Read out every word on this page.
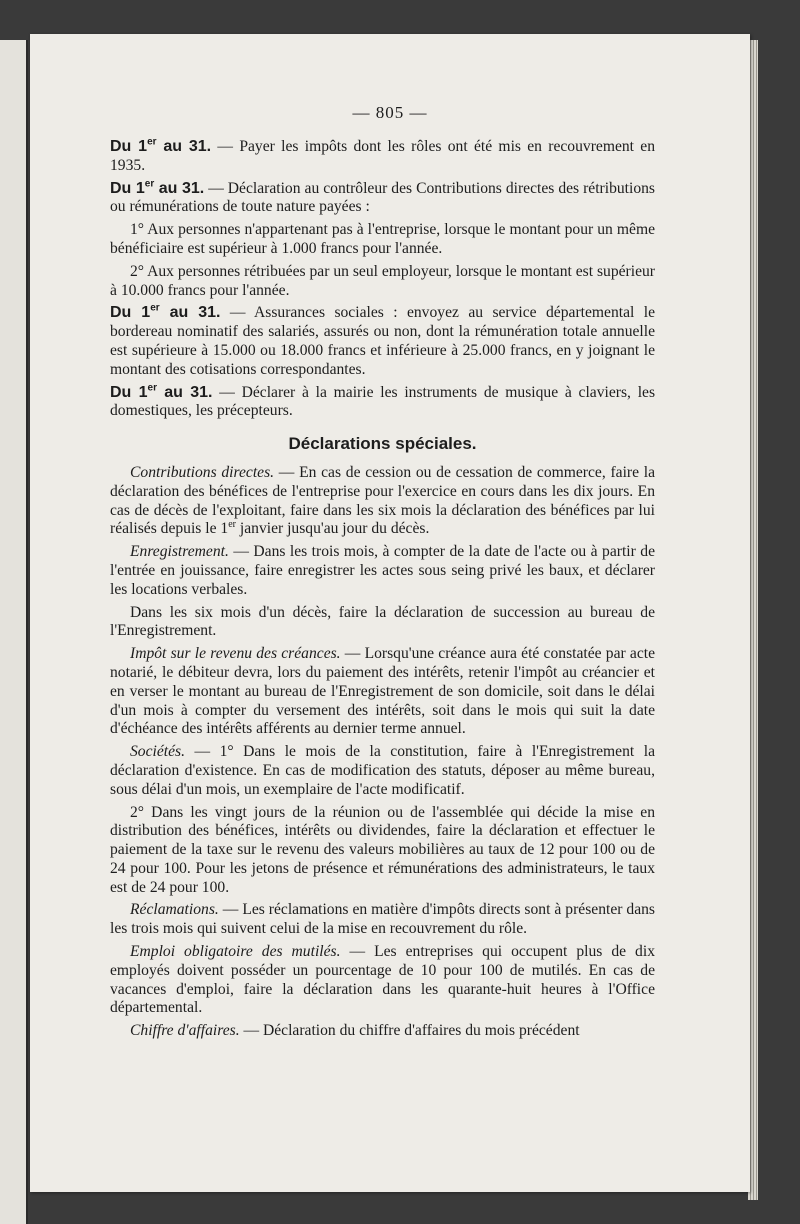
— 805 —

Du 1er au 31. — Payer les impôts dont les rôles ont été mis en recouvrement en 1935.

Du 1er au 31. — Déclaration au contrôleur des Contributions directes des rétributions ou rémunérations de toute nature payées :

1° Aux personnes n'appartenant pas à l'entreprise, lorsque le montant pour un même bénéficiaire est supérieur à 1.000 francs pour l'année.

2° Aux personnes rétribuées par un seul employeur, lorsque le montant est supérieur à 10.000 francs pour l'année.

Du 1er au 31. — Assurances sociales : envoyez au service départemental le bordereau nominatif des salariés, assurés ou non, dont la rémunération totale annuelle est supérieure à 15.000 ou 18.000 francs et inférieure à 25.000 francs, en y joignant le montant des cotisations correspondantes.

Du 1er au 31. — Déclarer à la mairie les instruments de musique à claviers, les domestiques, les précepteurs.

Déclarations spéciales.

Contributions directes. — En cas de cession ou de cessation de commerce, faire la déclaration des bénéfices de l'entreprise pour l'exercice en cours dans les dix jours. En cas de décès de l'exploitant, faire dans les six mois la déclaration des bénéfices par lui réalisés depuis le 1er janvier jusqu'au jour du décès.

Enregistrement. — Dans les trois mois, à compter de la date de l'acte ou à partir de l'entrée en jouissance, faire enregistrer les actes sous seing privé les baux, et déclarer les locations verbales.

Dans les six mois d'un décès, faire la déclaration de succession au bureau de l'Enregistrement.

Impôt sur le revenu des créances. — Lorsqu'une créance aura été constatée par acte notarié, le débiteur devra, lors du paiement des intérêts, retenir l'impôt au créancier et en verser le montant au bureau de l'Enregistrement de son domicile, soit dans le délai d'un mois à compter du versement des intérêts, soit dans le mois qui suit la date d'échéance des intérêts afférents au dernier terme annuel.

Sociétés. — 1° Dans le mois de la constitution, faire à l'Enregistrement la déclaration d'existence. En cas de modification des statuts, déposer au même bureau, sous délai d'un mois, un exemplaire de l'acte modificatif.

2° Dans les vingt jours de la réunion ou de l'assemblée qui décide la mise en distribution des bénéfices, intérêts ou dividendes, faire la déclaration et effectuer le paiement de la taxe sur le revenu des valeurs mobilières au taux de 12 pour 100 ou de 24 pour 100. Pour les jetons de présence et rémunérations des administrateurs, le taux est de 24 pour 100.

Réclamations. — Les réclamations en matière d'impôts directs sont à présenter dans les trois mois qui suivent celui de la mise en recouvrement du rôle.

Emploi obligatoire des mutilés. — Les entreprises qui occupent plus de dix employés doivent posséder un pourcentage de 10 pour 100 de mutilés. En cas de vacances d'emploi, faire la déclaration dans les quarante-huit heures à l'Office départemental.

Chiffre d'affaires. — Déclaration du chiffre d'affaires du mois précédent
